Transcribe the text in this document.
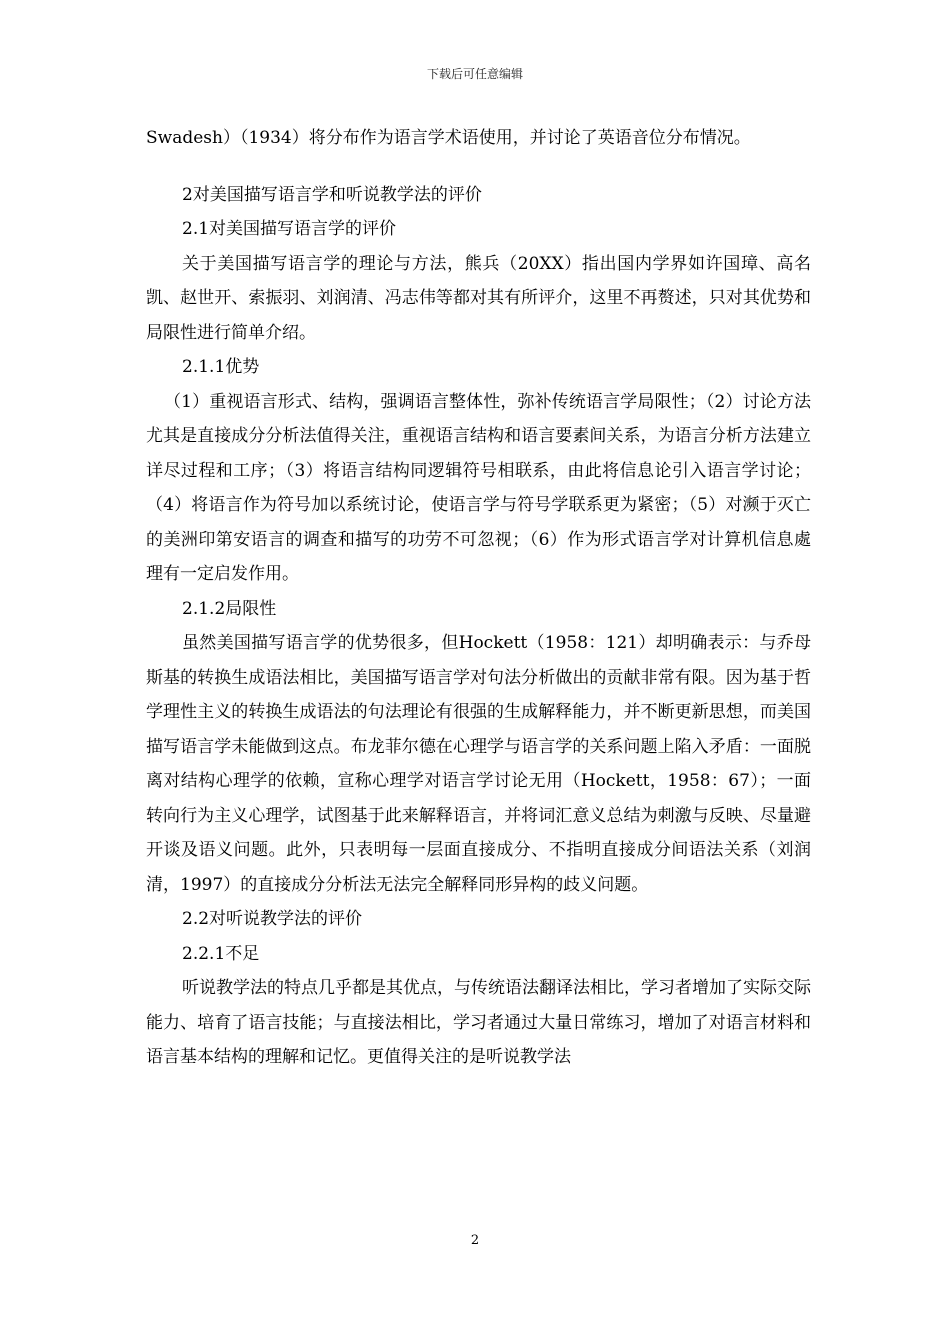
下载后可任意编辑

Swadesh）（1934）将分布作为语言学术语使用，并讨论了英语音位分布情况。

2对美国描写语言学和听说教学法的评价

2.1对美国描写语言学的评价

关于美国描写语言学的理论与方法，熊兵（20XX）指出国内学界如许国璋、高名凯、赵世开、索振羽、刘润清、冯志伟等都对其有所评介，这里不再赘述，只对其优势和局限性进行简单介绍。

2.1.1优势

（1）重视语言形式、结构，强调语言整体性，弥补传统语言学局限性；（2）讨论方法尤其是直接成分分析法值得关注，重视语言结构和语言要素间关系，为语言分析方法建立详尽过程和工序；（3）将语言结构同逻辑符号相联系，由此将信息论引入语言学讨论；（4）将语言作为符号加以系统讨论，使语言学与符号学联系更为紧密；（5）对濒于灭亡的美洲印第安语言的调查和描写的功劳不可忽视；（6）作为形式语言学对计算机信息處理有一定启发作用。

2.1.2局限性

虽然美国描写语言学的优势很多，但Hockett（1958：121）却明确表示：与乔母斯基的转换生成语法相比，美国描写语言学对句法分析做出的贡献非常有限。因为基于哲学理性主义的转换生成语法的句法理论有很强的生成解释能力，并不断更新思想，而美国描写语言学未能做到这点。布龙菲尔德在心理学与语言学的关系问题上陷入矛盾：一面脱离对结构心理学的依赖，宣称心理学对语言学讨论无用（Hockett，1958：67）；一面转向行为主义心理学，试图基于此来解释语言，并将词汇意义总结为刺激与反映、尽量避开谈及语义问题。此外，只表明每一层面直接成分、不指明直接成分间语法关系（刘润清，1997）的直接成分分析法无法完全解释同形异构的歧义问题。

2.2对听说教学法的评价

2.2.1不足

听说教学法的特点几乎都是其优点，与传统语法翻译法相比，学习者增加了实际交际能力、培育了语言技能；与直接法相比，学习者通过大量日常练习，增加了对语言材料和语言基本结构的理解和记忆。更值得关注的是听说教学法

2
